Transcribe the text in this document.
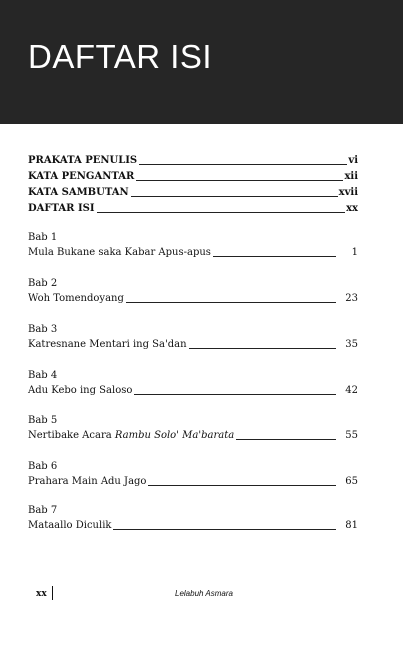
DAFTAR ISI
PRAKATA PENULIS	vi
KATA PENGANTAR	xii
KATA SAMBUTAN	xvii
DAFTAR ISI	xx
Bab 1
Mula Bukane saka Kabar Apus-apus	1
Bab 2
Woh Tomendoyang	23
Bab 3
Katresnane Mentari ing Sa'dan	35
Bab 4
Adu Kebo ing Saloso	42
Bab 5
Nertibake Acara Rambu Solo' Ma'barata	55
Bab 6
Prahara Main Adu Jago	65
Bab 7
Mataallo Diculik	81
xx	Lelabuh Asmara
